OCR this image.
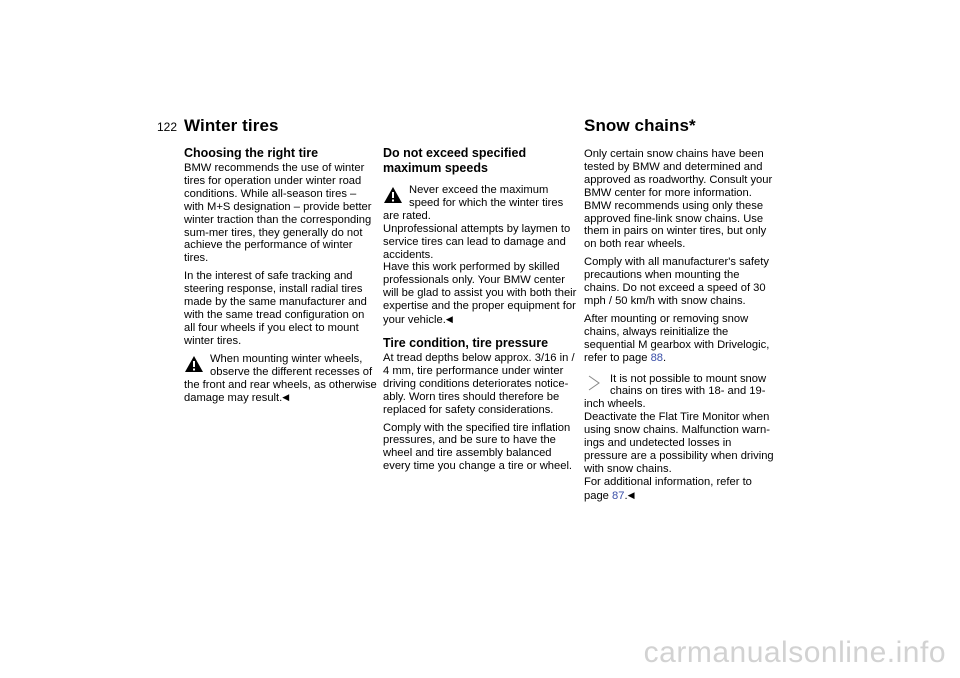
122 Winter tires	Snow chains*
Choosing the right tire

BMW recommends the use of winter tires for operation under winter road conditions. While all-season tires – with M+S designation – provide better winter traction than the corresponding sum-mer tires, they generally do not achieve the performance of winter tires.

In the interest of safe tracking and steering response, install radial tires made by the same manufacturer and with the same tread configuration on all four wheels if you elect to mount winter tires.

When mounting winter wheels,
observe the different recesses of
the front and rear wheels, as otherwise damage may result.◀
Do not exceed specified maximum speeds
Never exceed the maximum
speed for which the winter tires
are rated.
Unprofessional attempts by laymen to service tires can lead to damage and accidents.
Have this work performed by skilled professionals only. Your BMW center will be glad to assist you with both their expertise and the proper equipment for your vehicle.◀
Tire condition, tire pressure

At tread depths below approx. 3/16 in / 4 mm, tire performance under winter driving conditions deteriorates notice-ably. Worn tires should therefore be replaced for safety considerations.

Comply with the specified tire inflation pressures, and be sure to have the wheel and tire assembly balanced every time you change a tire or wheel.

Only certain snow chains have been tested by BMW and determined and approved as roadworthy. Consult your BMW center for more information.
BMW recommends using only these approved fine-link snow chains. Use them in pairs on winter tires, but only on both rear wheels.

Comply with all manufacturer's safety precautions when mounting the chains. Do not exceed a speed of 30 mph / 50 km/h with snow chains.

After mounting or removing snow chains, always reinitialize the sequential M gearbox with Drivelogic, refer to page 88.

It is not possible to mount snow
chains on tires with 18- and 19-
inch wheels.
Deactivate the Flat Tire Monitor when using snow chains. Malfunction warn-ings and undetected losses in pressure are a possibility when driving with snow chains.
For additional information, refer to page 87.◀
carmanualsonline.info
